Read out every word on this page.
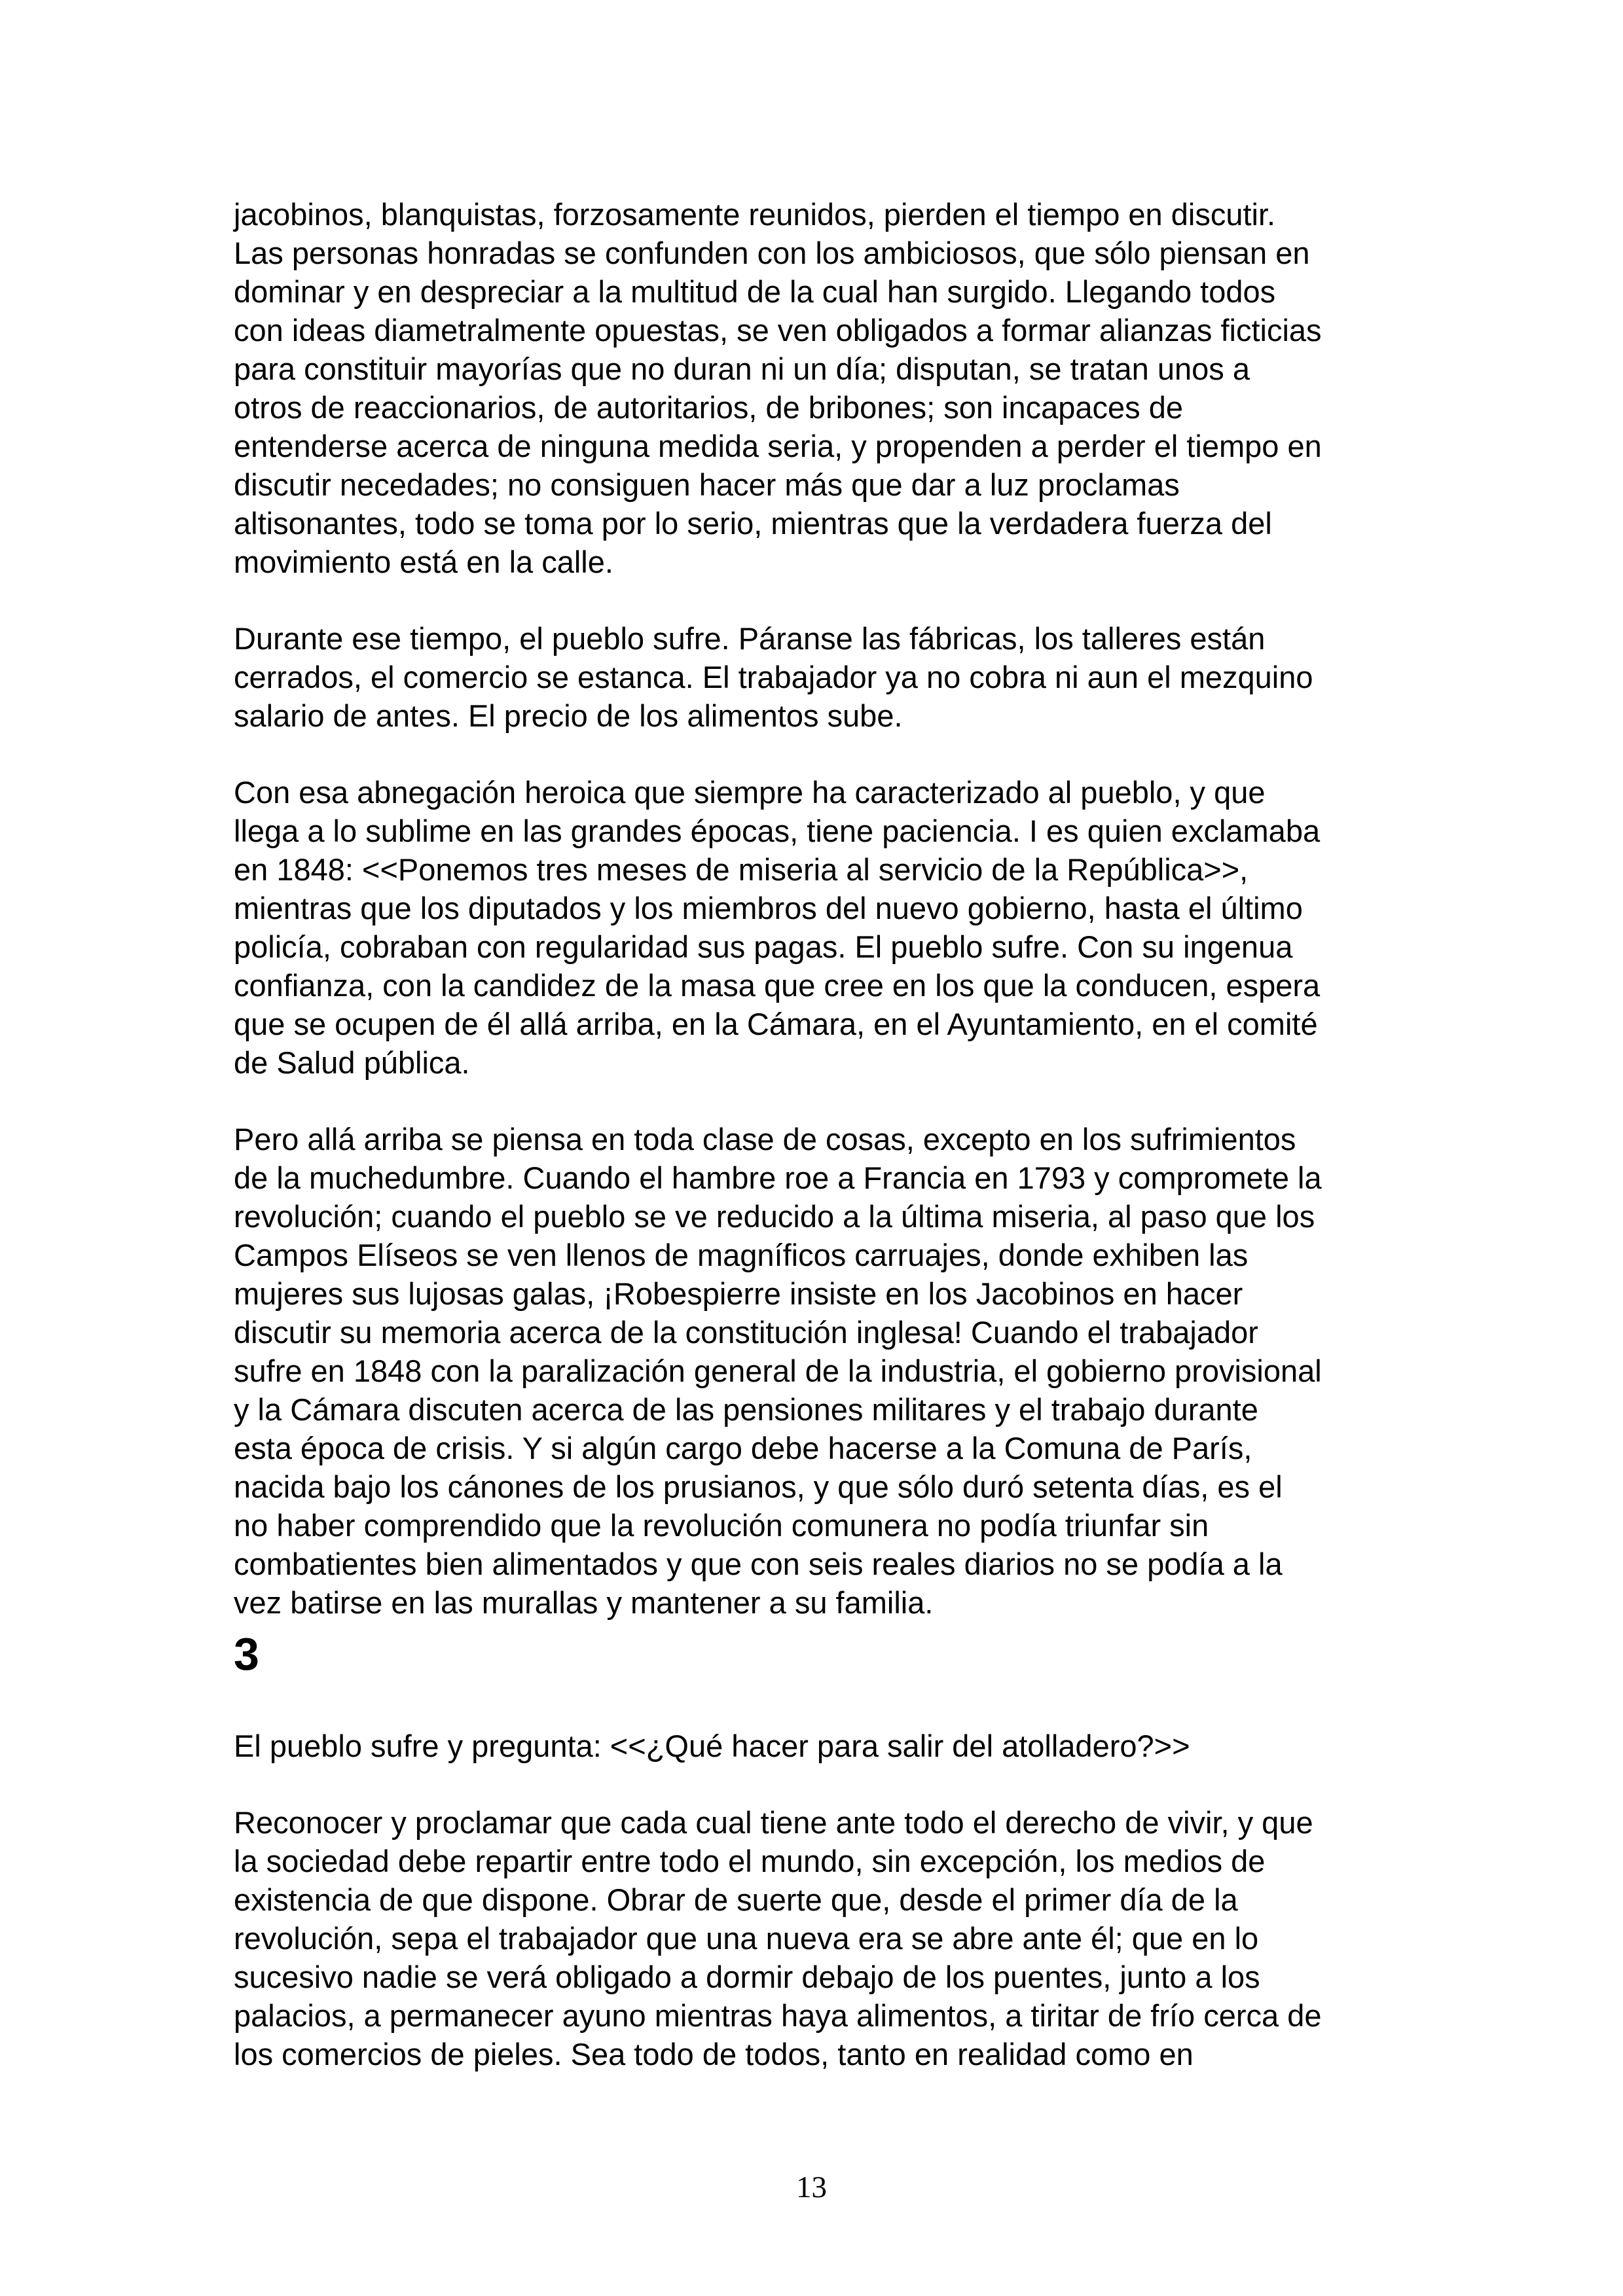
jacobinos, blanquistas, forzosamente reunidos, pierden el tiempo en discutir.
Las personas honradas se confunden con los ambiciosos, que sólo piensan en
dominar y en despreciar a la multitud de la cual han surgido. Llegando todos
con ideas diametralmente opuestas, se ven obligados a formar alianzas ficticias
para constituir mayorías que no duran ni un día; disputan, se tratan unos a
otros de reaccionarios, de autoritarios, de bribones; son incapaces de
entenderse acerca de ninguna medida seria, y propenden a perder el tiempo en
discutir necedades; no consiguen hacer más que dar a luz proclamas
altisonantes, todo se toma por lo serio, mientras que la verdadera fuerza del
movimiento está en la calle.
Durante ese tiempo, el pueblo sufre. Páranse las fábricas, los talleres están
cerrados, el comercio se estanca. El trabajador ya no cobra ni aun el mezquino
salario de antes. El precio de los alimentos sube.
Con esa abnegación heroica que siempre ha caracterizado al pueblo, y que
llega a lo sublime en las grandes épocas, tiene paciencia. I es quien exclamaba
en 1848: <<Ponemos tres meses de miseria al servicio de la República>>,
mientras que los diputados y los miembros del nuevo gobierno, hasta el último
policía, cobraban con regularidad sus pagas. El pueblo sufre. Con su ingenua
confianza, con la candidez de la masa que cree en los que la conducen, espera
que se ocupen de él allá arriba, en la Cámara, en el Ayuntamiento, en el comité
de Salud pública.
Pero allá arriba se piensa en toda clase de cosas, excepto en los sufrimientos
de la muchedumbre. Cuando el hambre roe a Francia en 1793 y compromete la
revolución; cuando el pueblo se ve reducido a la última miseria, al paso que los
Campos Elíseos se ven llenos de magníficos carruajes, donde exhiben las
mujeres sus lujosas galas, ¡Robespierre insiste en los Jacobinos en hacer
discutir su memoria acerca de la constitución inglesa! Cuando el trabajador
sufre en 1848 con la paralización general de la industria, el gobierno provisional
y la Cámara discuten acerca de las pensiones militares y el trabajo durante
esta época de crisis. Y si algún cargo debe hacerse a la Comuna de París,
nacida bajo los cánones de los prusianos, y que sólo duró setenta días, es el
no haber comprendido que la revolución comunera no podía triunfar sin
combatientes bien alimentados y que con seis reales diarios no se podía a la
vez batirse en las murallas y mantener a su familia.
3
El pueblo sufre y pregunta: <<¿Qué hacer para salir del atolladero?>>
Reconocer y proclamar que cada cual tiene ante todo el derecho de vivir, y que
la sociedad debe repartir entre todo el mundo, sin excepción, los medios de
existencia de que dispone. Obrar de suerte que, desde el primer día de la
revolución, sepa el trabajador que una nueva era se abre ante él; que en lo
sucesivo nadie se verá obligado a dormir debajo de los puentes, junto a los
palacios, a permanecer ayuno mientras haya alimentos, a tiritar de frío cerca de
los comercios de pieles. Sea todo de todos, tanto en realidad como en
13
